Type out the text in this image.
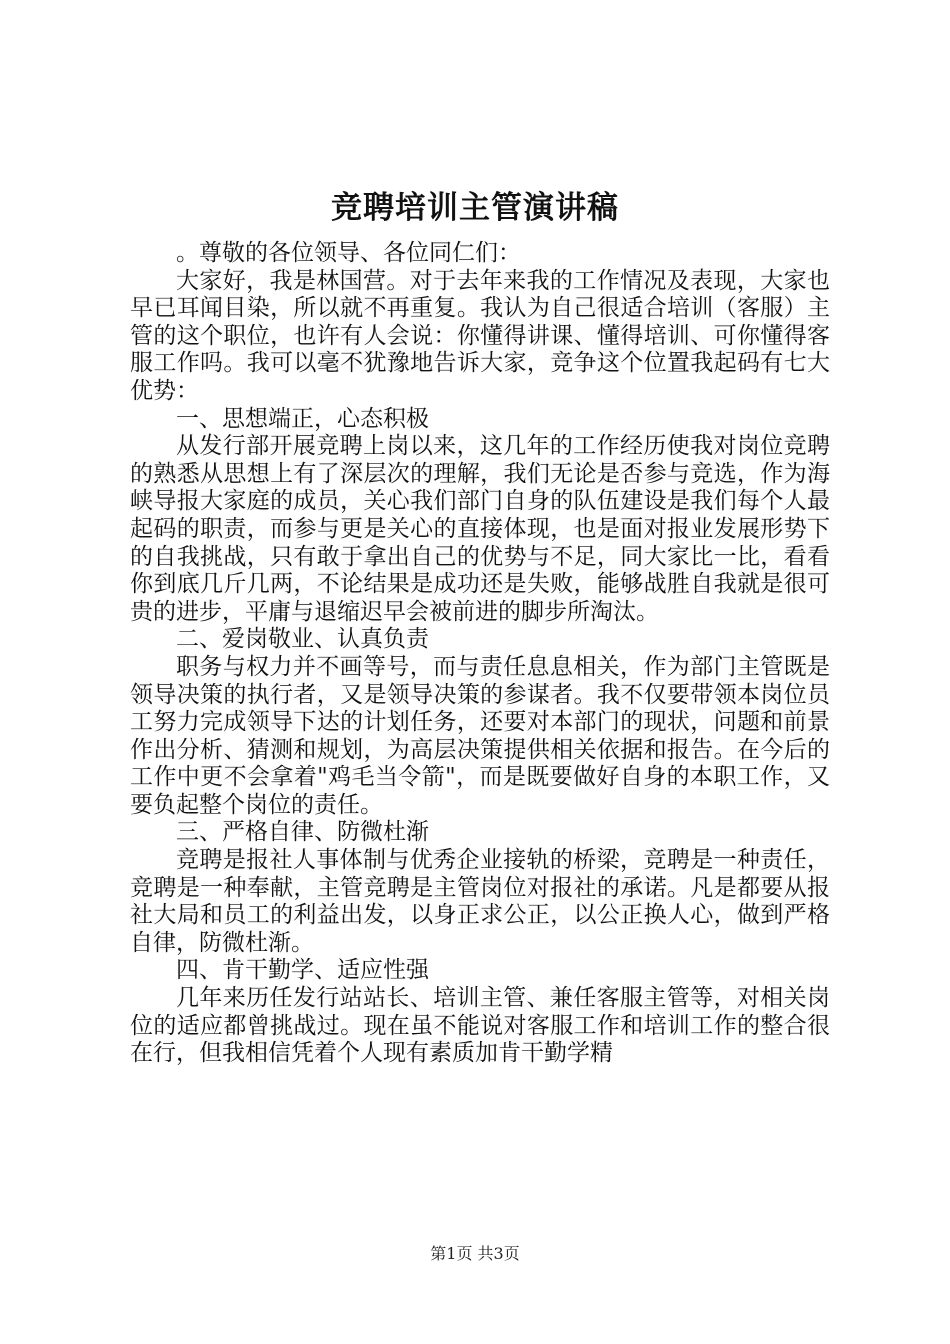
竞聘培训主管演讲稿

。尊敬的各位领导、各位同仁们：

大家好，我是林国营。对于去年来我的工作情况及表现，大家也早已耳闻目染，所以就不再重复。我认为自己很适合培训（客服）主管的这个职位，也许有人会说：你懂得讲课、懂得培训、可你懂得客服工作吗。我可以毫不犹豫地告诉大家，竞争这个位置我起码有七大优势：

一、思想端正，心态积极

从发行部开展竞聘上岗以来，这几年的工作经历使我对岗位竞聘的熟悉从思想上有了深层次的理解，我们无论是否参与竞选，作为海峡导报大家庭的成员，关心我们部门自身的队伍建设是我们每个人最起码的职责，而参与更是关心的直接体现，也是面对报业发展形势下的自我挑战，只有敢于拿出自己的优势与不足，同大家比一比，看看你到底几斤几两，不论结果是成功还是失败，能够战胜自我就是很可贵的进步，平庸与退缩迟早会被前进的脚步所淘汰。

二、爱岗敬业、认真负责

职务与权力并不画等号，而与责任息息相关，作为部门主管既是领导决策的执行者，又是领导决策的参谋者。我不仅要带领本岗位员工努力完成领导下达的计划任务，还要对本部门的现状，问题和前景作出分析、猜测和规划，为高层决策提供相关依据和报告。在今后的工作中更不会拿着"鸡毛当令箭"，而是既要做好自身的本职工作，又要负起整个岗位的责任。

三、严格自律、防微杜渐

竞聘是报社人事体制与优秀企业接轨的桥梁，竞聘是一种责任，竞聘是一种奉献，主管竞聘是主管岗位对报社的承诺。凡是都要从报社大局和员工的利益出发，以身正求公正，以公正换人心，做到严格自律，防微杜渐。

四、肯干勤学、适应性强

几年来历任发行站站长、培训主管、兼任客服主管等，对相关岗位的适应都曾挑战过。现在虽不能说对客服工作和培训工作的整合很在行，但我相信凭着个人现有素质加肯干勤学精

第1页 共3页
